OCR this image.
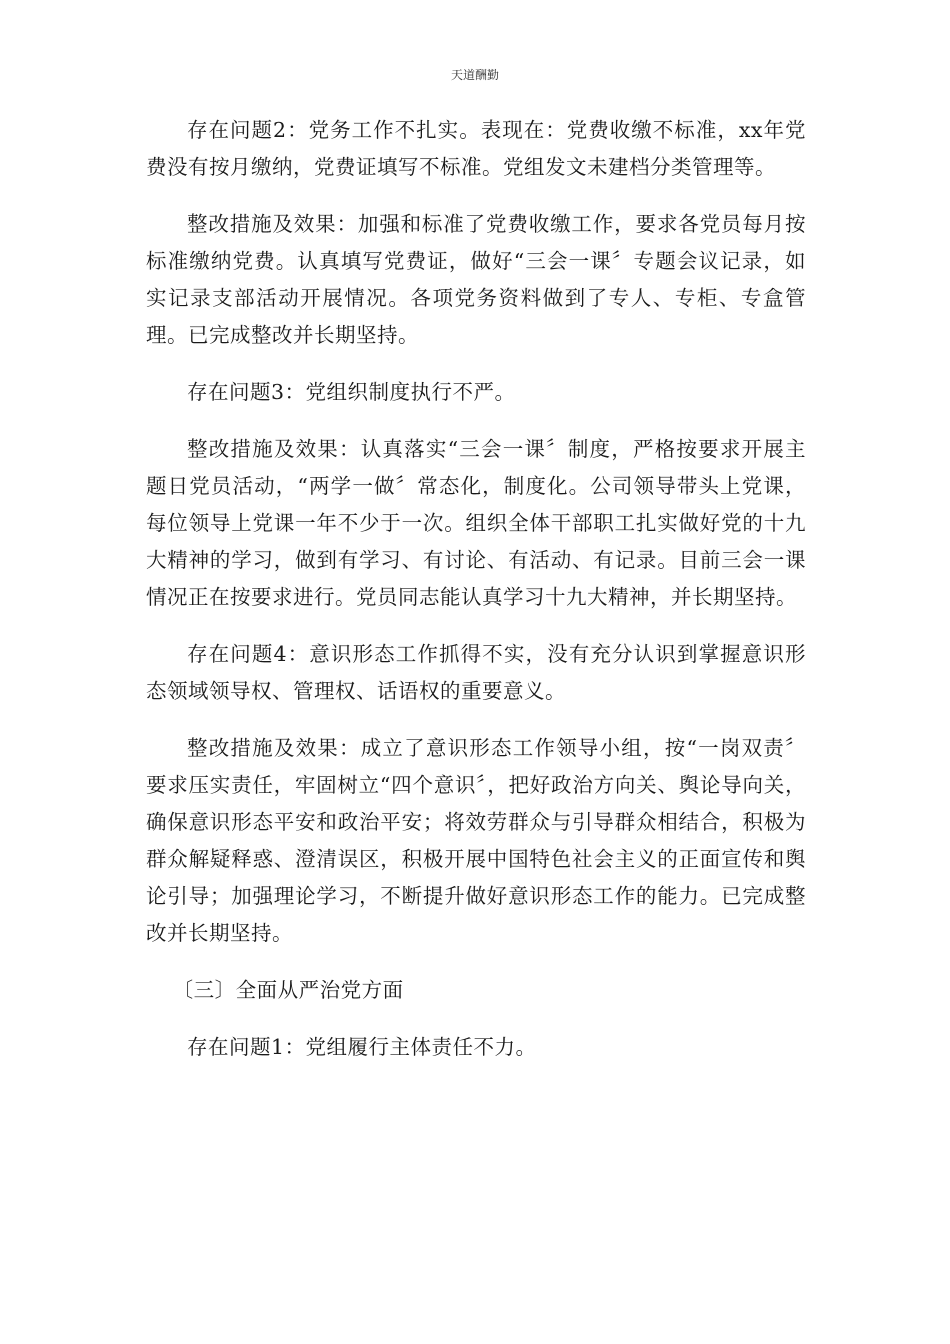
天道酬勤

存在问题2：党务工作不扎实。表现在：党费收缴不标准，xx年党费没有按月缴纳，党费证填写不标准。党组发文未建档分类管理等。

整改措施及效果：加强和标准了党费收缴工作，要求各党员每月按标准缴纳党费。认真填写党费证，做好“三会一课〞专题会议记录，如实记录支部活动开展情况。各项党务资料做到了专人、专柜、专盒管理。已完成整改并长期坚持。

存在问题3：党组织制度执行不严。

整改措施及效果：认真落实“三会一课〞制度，严格按要求开展主题日党员活动，“两学一做〞常态化，制度化。公司领导带头上党课，每位领导上党课一年不少于一次。组织全体干部职工扎实做好党的十九大精神的学习，做到有学习、有讨论、有活动、有记录。目前三会一课情况正在按要求进行。党员同志能认真学习十九大精神，并长期坚持。

存在问题4：意识形态工作抓得不实，没有充分认识到掌握意识形态领域领导权、管理权、话语权的重要意义。

整改措施及效果：成立了意识形态工作领导小组，按“一岗双责〞要求压实责任，牢固树立“四个意识〞，把好政治方向关、舆论导向关，确保意识形态平安和政治平安；将效劳群众与引导群众相结合，积极为群众解疑释惑、澄清误区，积极开展中国特色社会主义的正面宣传和舆论引导；加强理论学习，不断提升做好意识形态工作的能力。已完成整改并长期坚持。

〔三〕全面从严治党方面

存在问题1：党组履行主体责任不力。
